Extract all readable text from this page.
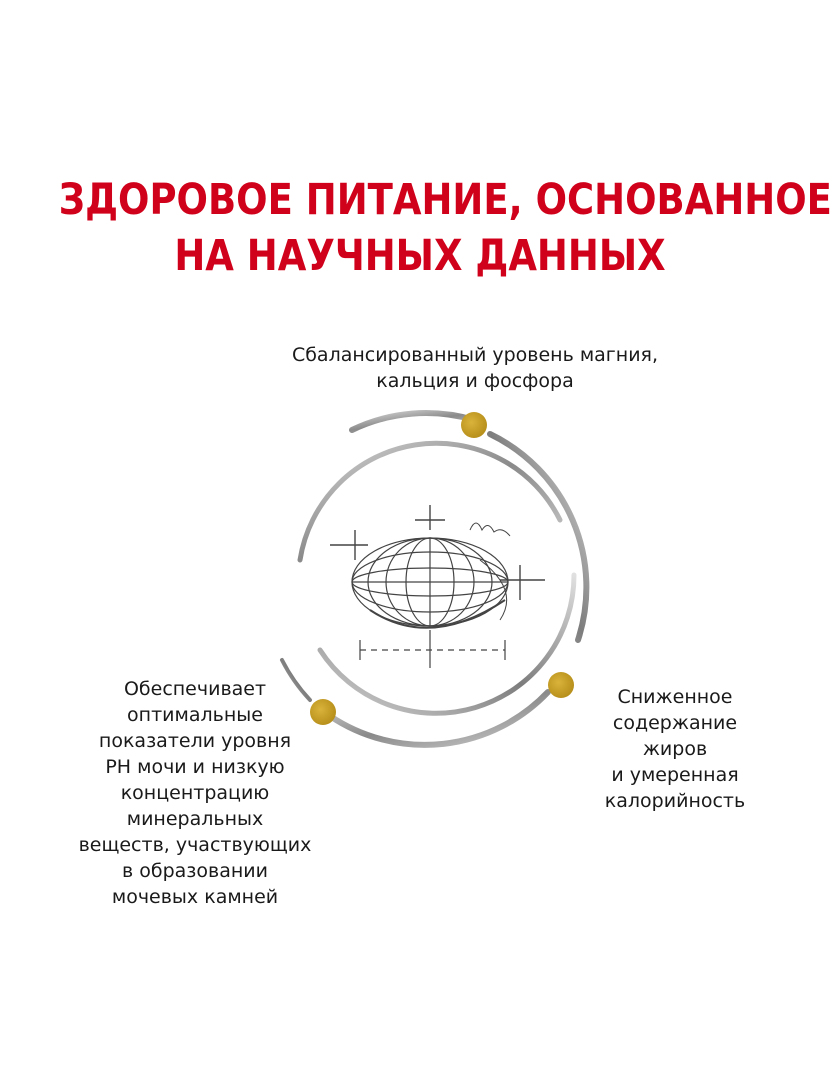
ЗДОРОВОЕ ПИТАНИЕ, ОСНОВАННОЕ
НА НАУЧНЫХ ДАННЫХ

Сбалансированный уровень магния,
кальция и фосфора

Сниженное
содержание
жиров
и умеренная
калорийность

Обеспечивает
оптимальные
показатели уровня
PH мочи и низкую
концентрацию
минеральных
веществ, участвующих
в образовании
мочевых камней
